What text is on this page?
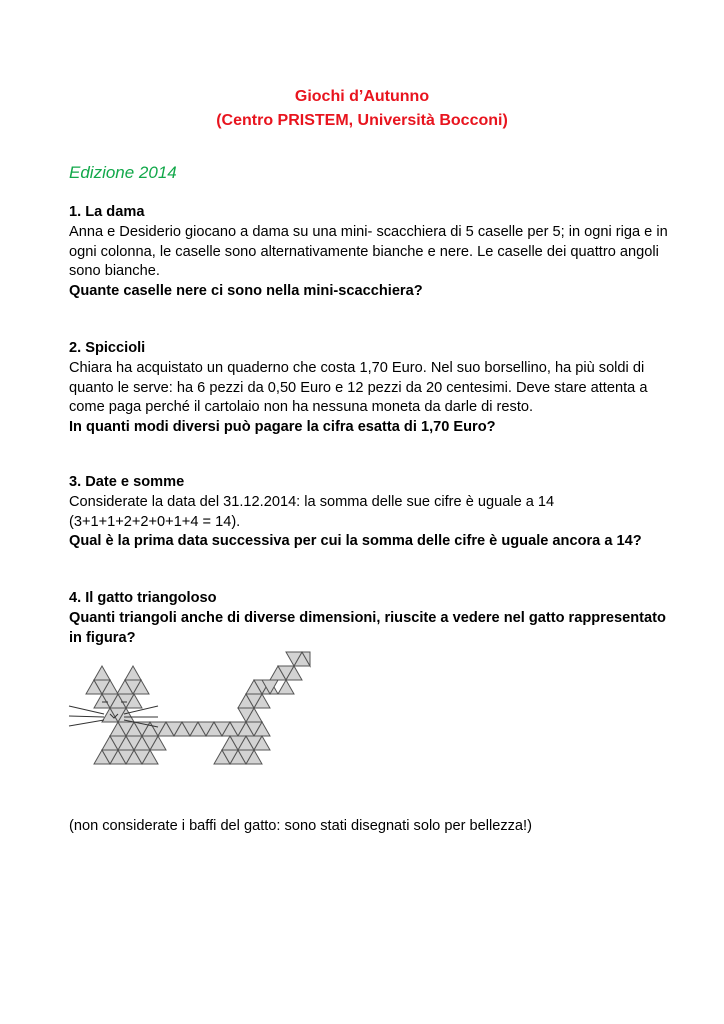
Giochi d’Autunno
(Centro PRISTEM, Università Bocconi)
Edizione 2014
1. La dama
Anna e Desiderio giocano a dama su una mini- scacchiera di 5 caselle per 5; in ogni riga e in ogni colonna, le caselle sono alternativamente bianche e nere. Le caselle dei quattro angoli sono bianche.
Quante caselle nere ci sono nella mini-scacchiera?
2. Spiccioli
Chiara ha acquistato un quaderno che costa 1,70 Euro. Nel suo borsellino, ha più soldi di quanto le serve: ha 6 pezzi da 0,50 Euro e 12 pezzi da 20 centesimi. Deve stare attenta a come paga perché il cartolaio non ha nessuna moneta da darle di resto.
In quanti modi diversi può pagare la cifra esatta di 1,70 Euro?
3. Date e somme
Considerate la data del 31.12.2014: la somma delle sue cifre è uguale a 14 (3+1+1+2+2+0+1+4 = 14).
Qual è la prima data successiva per cui la somma delle cifre è uguale ancora a 14?
4. Il gatto triangoloso
Quanti triangoli anche di diverse dimensioni, riuscite a vedere nel gatto rappresentato in figura?
(non considerate i baffi del gatto: sono stati disegnati solo per bellezza!)
